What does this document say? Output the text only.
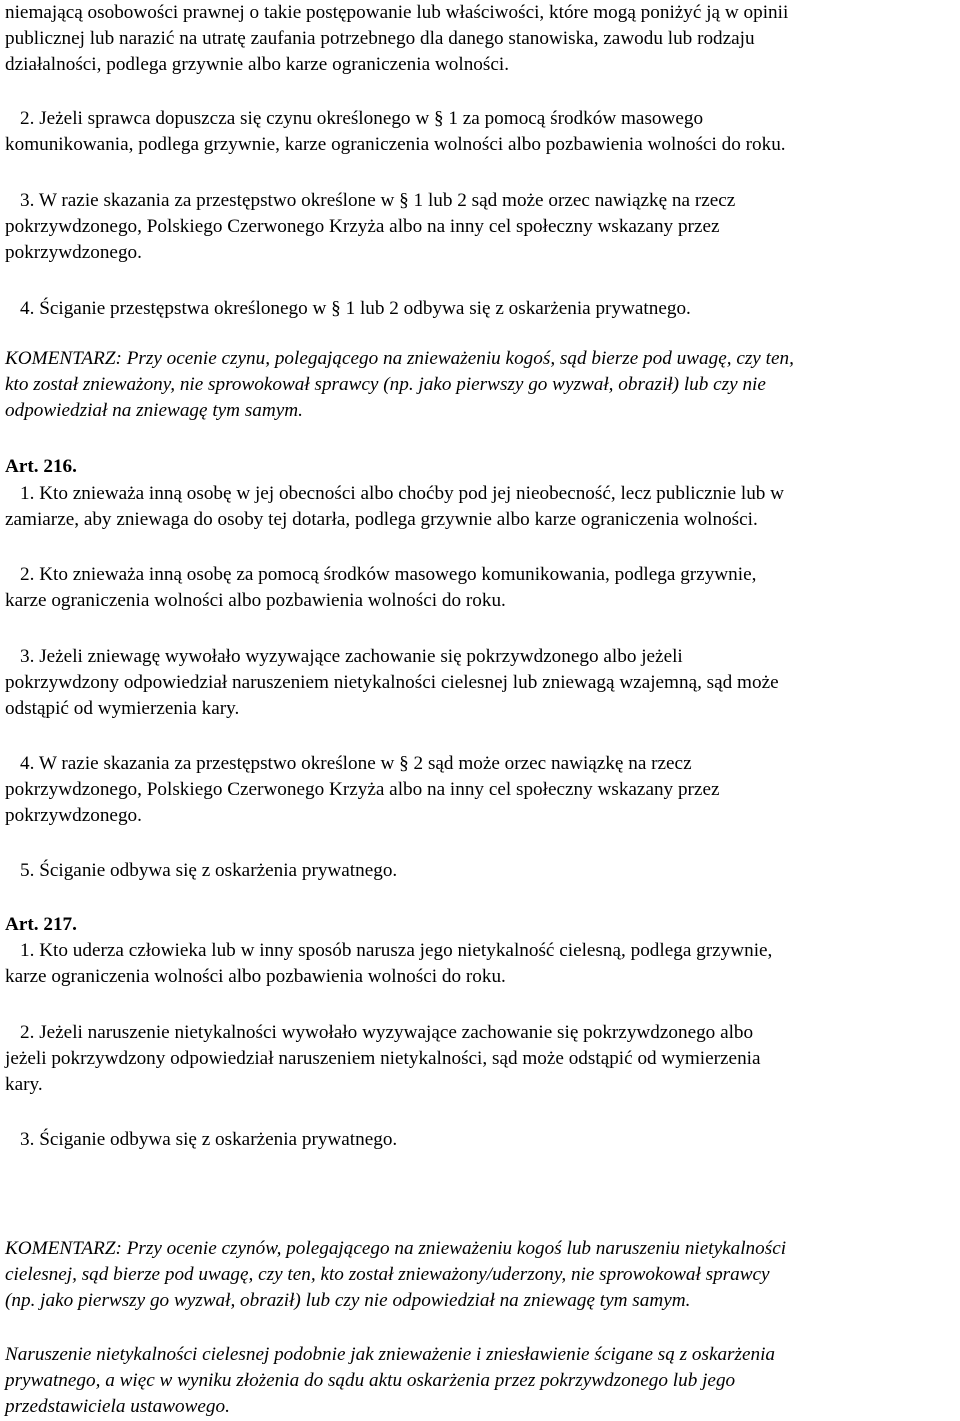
niemającą osobowości prawnej o takie postępowanie lub właściwości, które mogą poniżyć ją w opinii
publicznej lub narazić na utratę zaufania potrzebnego dla danego stanowiska, zawodu lub rodzaju
działalności, podlega grzywnie albo karze ograniczenia wolności.

2. Jeżeli sprawca dopuszcza się czynu określonego w § 1 za pomocą środków masowego

komunikowania, podlega grzywnie, karze ograniczenia wolności albo pozbawienia wolności do roku.

3. W razie skazania za przestępstwo określone w § 1 lub 2 sąd może orzec nawiązkę na rzecz

pokrzywdzonego, Polskiego Czerwonego Krzyża albo na inny cel społeczny wskazany przez
pokrzywdzonego.

4. Ściganie przestępstwa określonego w § 1 lub 2 odbywa się z oskarżenia prywatnego.

KOMENTARZ: Przy ocenie czynu, polegającego na znieważeniu kogoś, sąd bierze pod uwagę, czy ten,
kto został znieważony, nie sprowokował sprawcy (np. jako pierwszy go wyzwał, obraził) lub czy nie
odpowiedział na zniewagę tym samym.

Art. 216.

1. Kto znieważa inną osobę w jej obecności albo choćby pod jej nieobecność, lecz publicznie lub w

zamiarze, aby zniewaga do osoby tej dotarła, podlega grzywnie albo karze ograniczenia wolności.

2. Kto znieważa inną osobę za pomocą środków masowego komunikowania, podlega grzywnie,

karze ograniczenia wolności albo pozbawienia wolności do roku.

3. Jeżeli zniewagę wywołało wyzywające zachowanie się pokrzywdzonego albo jeżeli

pokrzywdzony odpowiedział naruszeniem nietykalności cielesnej lub zniewagą wzajemną, sąd może
odstąpić od wymierzenia kary.

4. W razie skazania za przestępstwo określone w § 2 sąd może orzec nawiązkę na rzecz

pokrzywdzonego, Polskiego Czerwonego Krzyża albo na inny cel społeczny wskazany przez
pokrzywdzonego.

5. Ściganie odbywa się z oskarżenia prywatnego.

Art. 217.

1. Kto uderza człowieka lub w inny sposób narusza jego nietykalność cielesną, podlega grzywnie,

karze ograniczenia wolności albo pozbawienia wolności do roku.

2. Jeżeli naruszenie nietykalności wywołało wyzywające zachowanie się pokrzywdzonego albo

jeżeli pokrzywdzony odpowiedział naruszeniem nietykalności, sąd może odstąpić od wymierzenia
kary.

3. Ściganie odbywa się z oskarżenia prywatnego.

KOMENTARZ: Przy ocenie czynów, polegającego na znieważeniu kogoś lub naruszeniu nietykalności
cielesnej, sąd bierze pod uwagę, czy ten, kto został znieważony/uderzony, nie sprowokował sprawcy
(np. jako pierwszy go wyzwał, obraził) lub czy nie odpowiedział na zniewagę tym samym.

Naruszenie nietykalności cielesnej podobnie jak znieważenie i zniesławienie ścigane są z oskarżenia
prywatnego, a więc w wyniku złożenia do sądu aktu oskarżenia przez pokrzywdzonego lub jego
przedstawiciela ustawowego.
